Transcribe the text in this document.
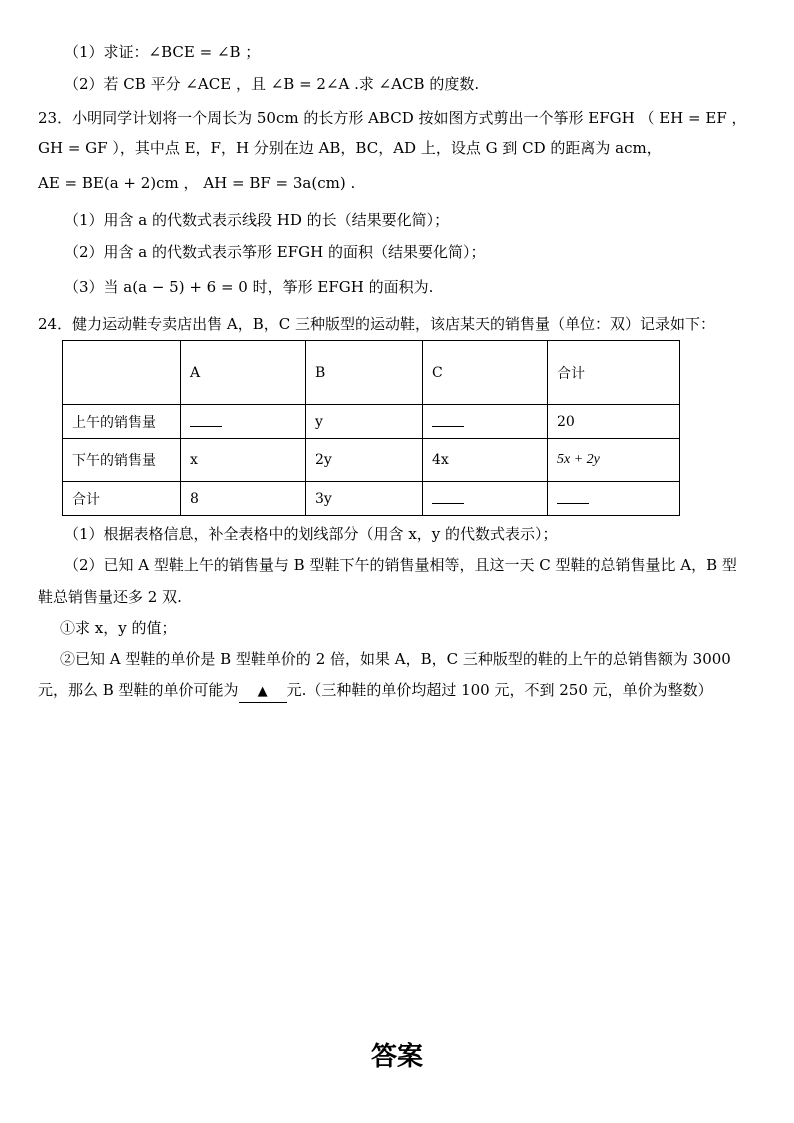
（1）求证：∠BCE = ∠B ；
（2）若 CB 平分 ∠ACE ，且 ∠B = 2∠A .求 ∠ACB 的度数.
23．小明同学计划将一个周长为 50cm 的长方形 ABCD 按如图方式剪出一个筝形 EFGH （ EH = EF ，
GH = GF ），其中点 E，F，H 分别在边 AB，BC，AD 上，设点 G 到 CD 的距离为 acm，
AE = BE(a + 2)cm ， AH = BF = 3a(cm) .
（1）用含 a 的代数式表示线段 HD 的长（结果要化简）；
（2）用含 a 的代数式表示筝形 EFGH 的面积（结果要化简）；
（3）当 a(a − 5) + 6 = 0 时，筝形 EFGH 的面积为.
24．健力运动鞋专卖店出售 A，B，C 三种版型的运动鞋，该店某天的销售量（单位：双）记录如下：
	A	B	C	合计
上午的销售量		y		20
下午的销售量	x	2y	4x	5x + 2y
合计	8	3y		
（1）根据表格信息，补全表格中的划线部分（用含 x，y 的代数式表示）；
（2）已知 A 型鞋上午的销售量与 B 型鞋下午的销售量相等，且这一天 C 型鞋的总销售量比 A，B 型
鞋总销售量还多 2 双.
①求 x，y 的值；
②已知 A 型鞋的单价是 B 型鞋单价的 2 倍，如果 A，B，C 三种版型的鞋的上午的总销售额为 3000
元，那么 B 型鞋的单价可能为 ▲ 元.（三种鞋的单价均超过 100 元，不到 250 元，单价为整数）
答案
